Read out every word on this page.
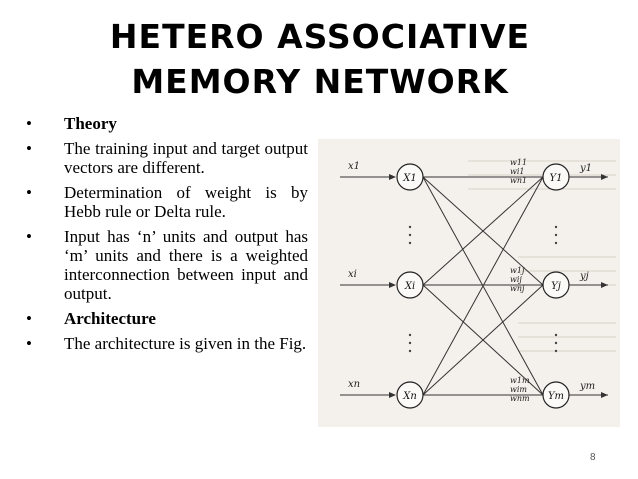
HETERO ASSOCIATIVE
MEMORY NETWORK
• Theory
• The training input and target output vectors are different.
• Determination of weight is by Hebb rule or Delta rule.
• Input has ‘n’ units and output has ‘m’ units and there is a weighted interconnection between input and output.
• Architecture
• The architecture is given in the Fig.
w11
w1j
w1m
wi1
wij
wim
wn1
wnj
wnm
x1	y1
xi	yj
xn	ym
X1	Y1
Xi	Yj
Xn	Ym
8
